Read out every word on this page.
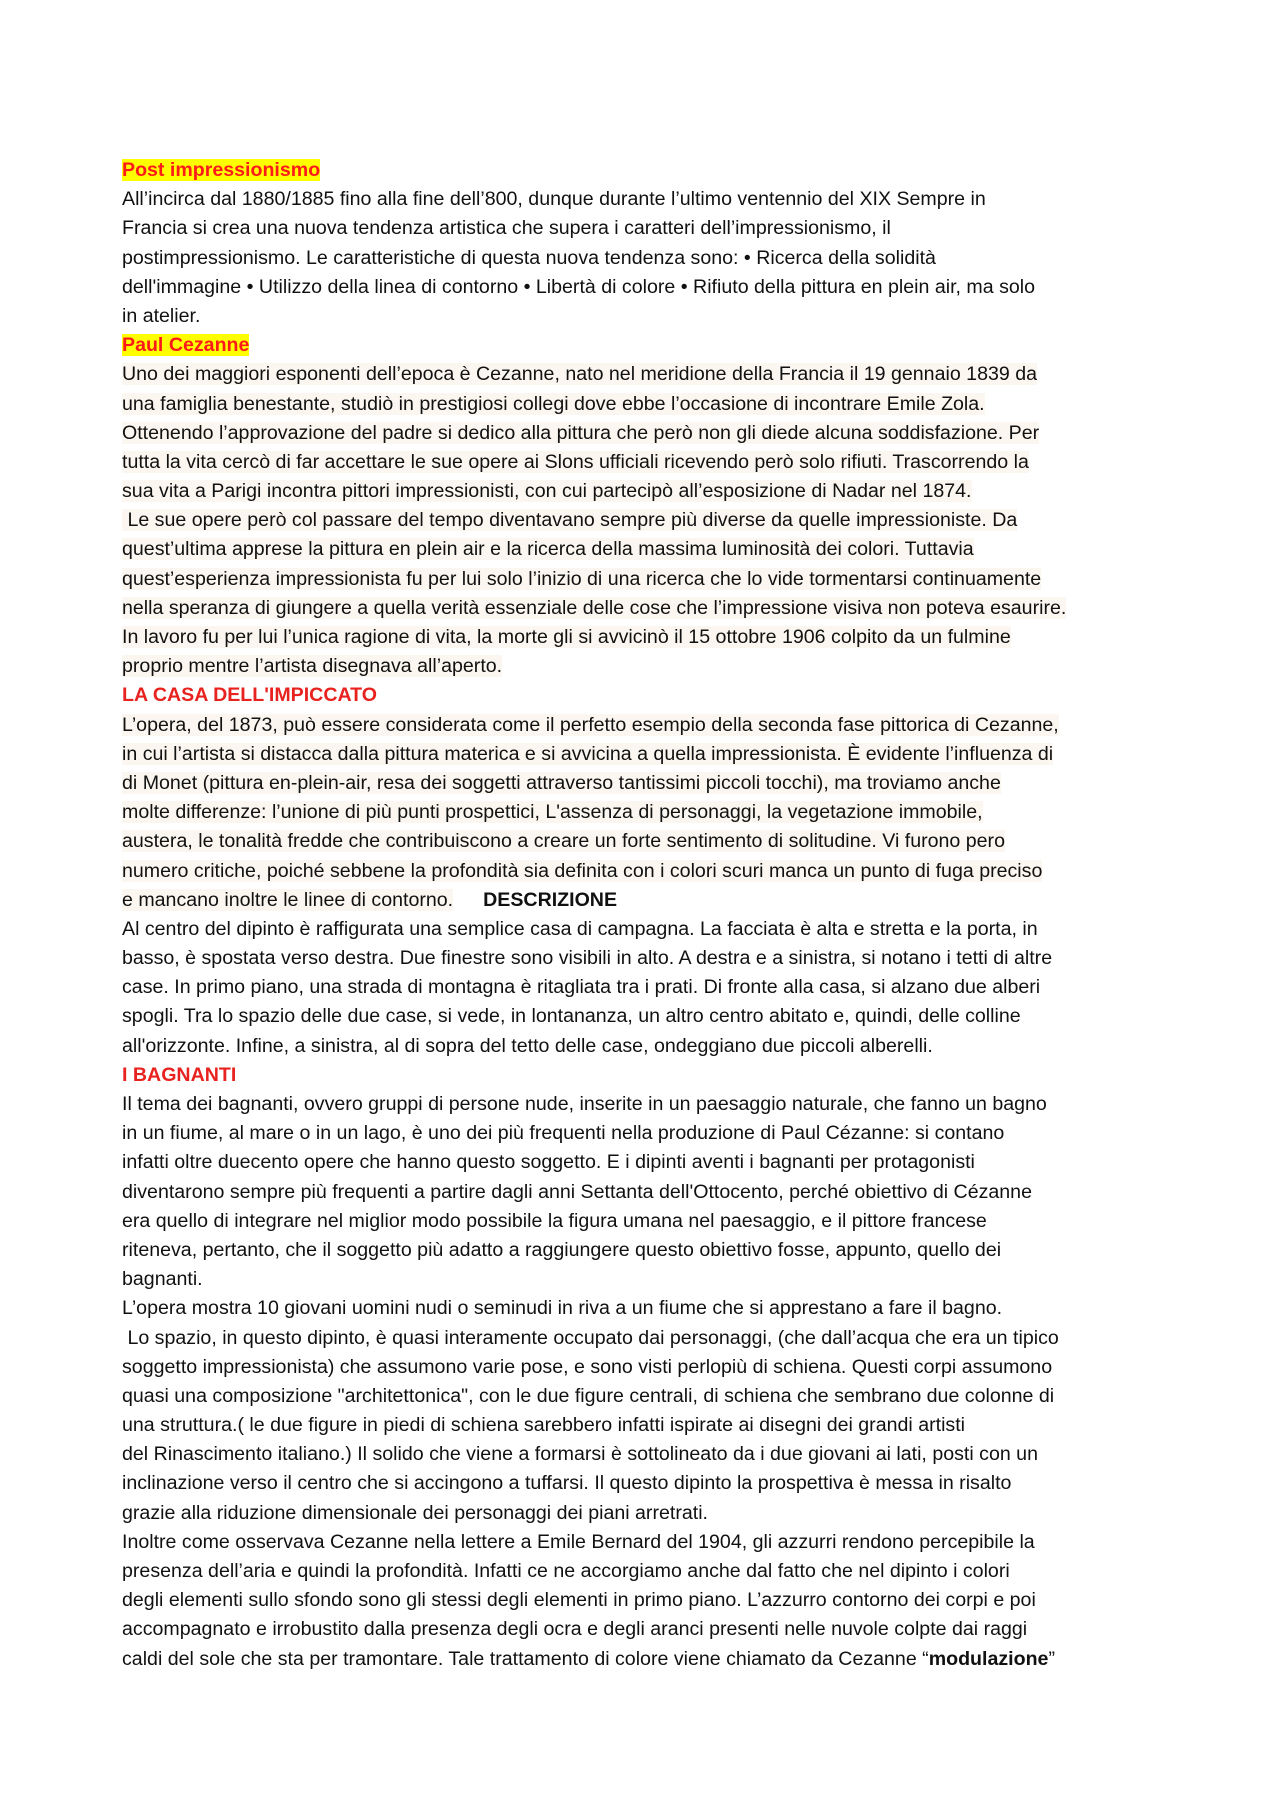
Post impressionismo
All’incirca dal 1880/1885 fino alla fine dell’800, dunque durante l’ultimo ventennio del XIX Sempre in
Francia si crea una nuova tendenza artistica che supera i caratteri dell’impressionismo, il
postimpressionismo. Le caratteristiche di questa nuova tendenza sono: • Ricerca della solidità
dell'immagine • Utilizzo della linea di contorno • Libertà di colore • Rifiuto della pittura en plein air, ma solo
in atelier.
Paul Cezanne
Uno dei maggiori esponenti dell’epoca è Cezanne, nato nel meridione della Francia il 19 gennaio 1839 da
una famiglia benestante, studiò in prestigiosi collegi dove ebbe l’occasione di incontrare Emile Zola.
Ottenendo l’approvazione del padre si dedico alla pittura che però non gli diede alcuna soddisfazione. Per
tutta la vita cercò di far accettare le sue opere ai Slons ufficiali ricevendo però solo rifiuti. Trascorrendo la
sua vita a Parigi incontra pittori impressionisti, con cui partecipò all’esposizione di Nadar nel 1874.
Le sue opere però col passare del tempo diventavano sempre più diverse da quelle impressioniste. Da
quest’ultima apprese la pittura en plein air e la ricerca della massima luminosità dei colori. Tuttavia
quest’esperienza impressionista fu per lui solo l’inizio di una ricerca che lo vide tormentarsi continuamente
nella speranza di giungere a quella verità essenziale delle cose che l’impressione visiva non poteva esaurire.
In lavoro fu per lui l’unica ragione di vita, la morte gli si avvicinò il 15 ottobre 1906 colpito da un fulmine
proprio mentre l’artista disegnava all’aperto.
LA CASA DELL'IMPICCATO
L’opera, del 1873, può essere considerata come il perfetto esempio della seconda fase pittorica di Cezanne,
in cui l’artista si distacca dalla pittura materica e si avvicina a quella impressionista. È evidente l’influenza di
di Monet (pittura en-plein-air, resa dei soggetti attraverso tantissimi piccoli tocchi), ma troviamo anche
molte differenze: l’unione di più punti prospettici, L'assenza di personaggi, la vegetazione immobile,
austera, le tonalità fredde che contribuiscono a creare un forte sentimento di solitudine. Vi furono pero
numero critiche, poiché sebbene la profondità sia definita con i colori scuri manca un punto di fuga preciso
e mancano inoltre le linee di contorno. DESCRIZIONE
Al centro del dipinto è raffigurata una semplice casa di campagna. La facciata è alta e stretta e la porta, in
basso, è spostata verso destra. Due finestre sono visibili in alto. A destra e a sinistra, si notano i tetti di altre
case. In primo piano, una strada di montagna è ritagliata tra i prati. Di fronte alla casa, si alzano due alberi
spogli. Tra lo spazio delle due case, si vede, in lontananza, un altro centro abitato e, quindi, delle colline
all'orizzonte. Infine, a sinistra, al di sopra del tetto delle case, ondeggiano due piccoli alberelli.
I BAGNANTI
Il tema dei bagnanti, ovvero gruppi di persone nude, inserite in un paesaggio naturale, che fanno un bagno
in un fiume, al mare o in un lago, è uno dei più frequenti nella produzione di Paul Cézanne: si contano
infatti oltre duecento opere che hanno questo soggetto. E i dipinti aventi i bagnanti per protagonisti
diventarono sempre più frequenti a partire dagli anni Settanta dell'Ottocento, perché obiettivo di Cézanne
era quello di integrare nel miglior modo possibile la figura umana nel paesaggio, e il pittore francese
riteneva, pertanto, che il soggetto più adatto a raggiungere questo obiettivo fosse, appunto, quello dei
bagnanti.
L’opera mostra 10 giovani uomini nudi o seminudi in riva a un fiume che si apprestano a fare il bagno.
Lo spazio, in questo dipinto, è quasi interamente occupato dai personaggi, (che dall’acqua che era un tipico
soggetto impressionista) che assumono varie pose, e sono visti perlopiù di schiena. Questi corpi assumono
quasi una composizione "architettonica", con le due figure centrali, di schiena che sembrano due colonne di
una struttura.( le due figure in piedi di schiena sarebbero infatti ispirate ai disegni dei grandi artisti
del Rinascimento italiano.) Il solido che viene a formarsi è sottolineato da i due giovani ai lati, posti con un
inclinazione verso il centro che si accingono a tuffarsi. Il questo dipinto la prospettiva è messa in risalto
grazie alla riduzione dimensionale dei personaggi dei piani arretrati.
Inoltre come osservava Cezanne nella lettere a Emile Bernard del 1904, gli azzurri rendono percepibile la
presenza dell’aria e quindi la profondità. Infatti ce ne accorgiamo anche dal fatto che nel dipinto i colori
degli elementi sullo sfondo sono gli stessi degli elementi in primo piano. L’azzurro contorno dei corpi e poi
accompagnato e irrobustito dalla presenza degli ocra e degli aranci presenti nelle nuvole colpte dai raggi
caldi del sole che sta per tramontare. Tale trattamento di colore viene chiamato da Cezanne “modulazione”
